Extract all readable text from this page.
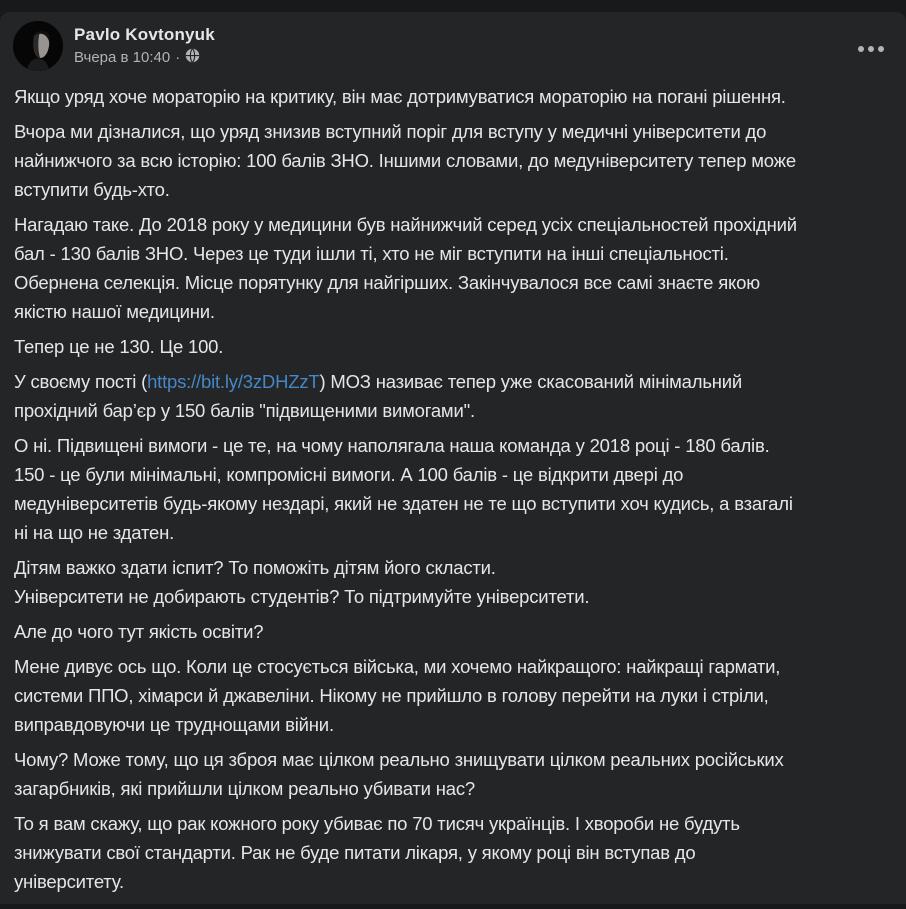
Pavlo Kovtonyuk
Вчера в 10:40 ·

Якщо уряд хоче мораторію на критику, він має дотримуватися мораторію на погані рішення.

Вчора ми дізналися, що уряд знизив вступний поріг для вступу у медичні університети до
найнижчого за всю історію: 100 балів ЗНО. Іншими словами, до медуніверситету тепер може
вступити будь-хто.

Нагадаю таке. До 2018 року у медицини був найнижчий серед усіх спеціальностей прохідний
бал - 130 балів ЗНО. Через це туди ішли ті, хто не міг вступити на інші спеціальності.
Обернена селекція. Місце порятунку для найгірших. Закінчувалося все самі знаєте якою
якістю нашої медицини.

Тепер це не 130. Це 100.

У своєму пості (https://bit.ly/3zDHZzT) МОЗ називає тепер уже скасований мінімальний
прохідний бар’єр у 150 балів "підвищеними вимогами".

О ні. Підвищені вимоги - це те, на чому наполягала наша команда у 2018 році - 180 балів.
150 - це були мінімальні, компромісні вимоги. А 100 балів - це відкрити двері до
медуніверситетів будь-якому нездарі, який не здатен не те що вступити хоч кудись, а взагалі
ні на що не здатен.

Дітям важко здати іспит? То поможіть дітям його скласти.
Університети не добирають студентів? То підтримуйте університети.

Але до чого тут якість освіти?

Мене дивує ось що. Коли це стосується війська, ми хочемо найкращого: найкращі гармати,
системи ППО, хімарси й джавеліни. Нікому не прийшло в голову перейти на луки і стріли,
виправдовуючи це труднощами війни.

Чому? Може тому, що ця зброя має цілком реально знищувати цілком реальних російських
загарбників, які прийшли цілком реально убивати нас?

То я вам скажу, що рак кожного року убиває по 70 тисяч українців. І хвороби не будуть
знижувати свої стандарти. Рак не буде питати лікаря, у якому році він вступав до
університету.
